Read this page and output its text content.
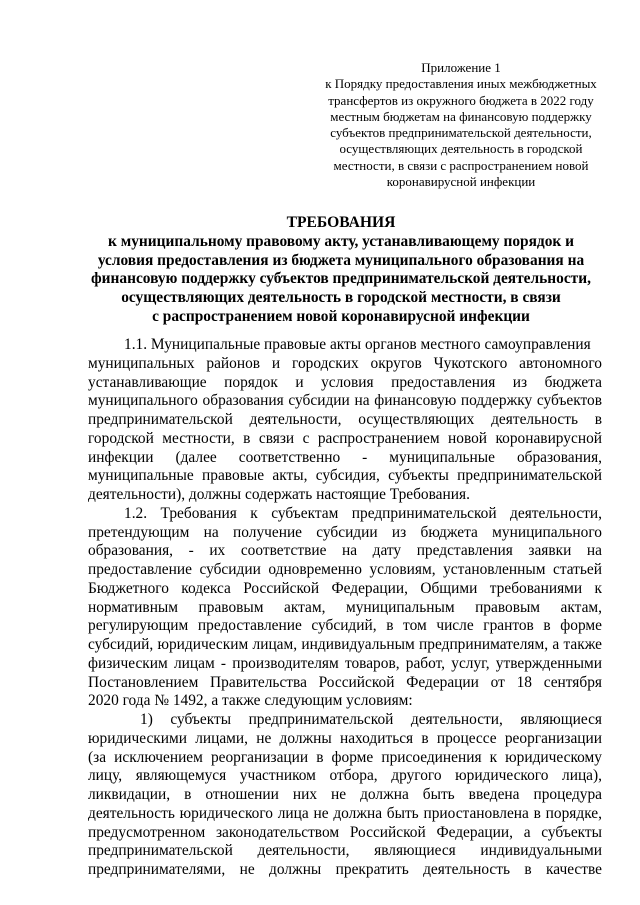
Приложение 1
к Порядку предоставления иных межбюджетных
трансфертов из окружного бюджета в 2022 году
местным бюджетам на финансовую поддержку
субъектов предпринимательской деятельности,
осуществляющих деятельность в городской
местности, в связи с распространением новой
коронавирусной инфекции
ТРЕБОВАНИЯ
к муниципальному правовому акту, устанавливающему порядок и
условия предоставления из бюджета муниципального образования на
финансовую поддержку субъектов предпринимательской деятельности,
осуществляющих деятельность в городской местности, в связи
с распространением новой коронавирусной инфекции
1.1. Муниципальные правовые акты органов местного самоуправления
муниципальных районов и городских округов Чукотского автономного
устанавливающие порядок и условия предоставления из бюджета
муниципального образования субсидии на финансовую поддержку субъектов
предпринимательской деятельности, осуществляющих деятельность в
городской местности, в связи с распространением новой коронавирусной
инфекции (далее соответственно - муниципальные образования,
муниципальные правовые акты, субсидия, субъекты предпринимательской
деятельности), должны содержать настоящие Требования.
1.2. Требования к субъектам предпринимательской деятельности,
претендующим на получение субсидии из бюджета муниципального
образования, - их соответствие на дату представления заявки на
предоставление субсидии одновременно условиям, установленным статьей
Бюджетного кодекса Российской Федерации, Общими требованиями к
нормативным правовым актам, муниципальным правовым актам,
регулирующим предоставление субсидий, в том числе грантов в форме
субсидий, юридическим лицам, индивидуальным предпринимателям, а также
физическим лицам - производителям товаров, работ, услуг, утвержденными
Постановлением Правительства Российской Федерации от 18 сентября
2020 года № 1492, а также следующим условиям:
1) субъекты предпринимательской деятельности, являющиеся
юридическими лицами, не должны находиться в процессе реорганизации
(за исключением реорганизации в форме присоединения к юридическому
лицу, являющемуся участником отбора, другого юридического лица),
ликвидации, в отношении них не должна быть введена процедура
деятельность юридического лица не должна быть приостановлена в порядке,
предусмотренном законодательством Российской Федерации, а субъекты
предпринимательской деятельности, являющиеся индивидуальными
предпринимателями, не должны прекратить деятельность в качестве
